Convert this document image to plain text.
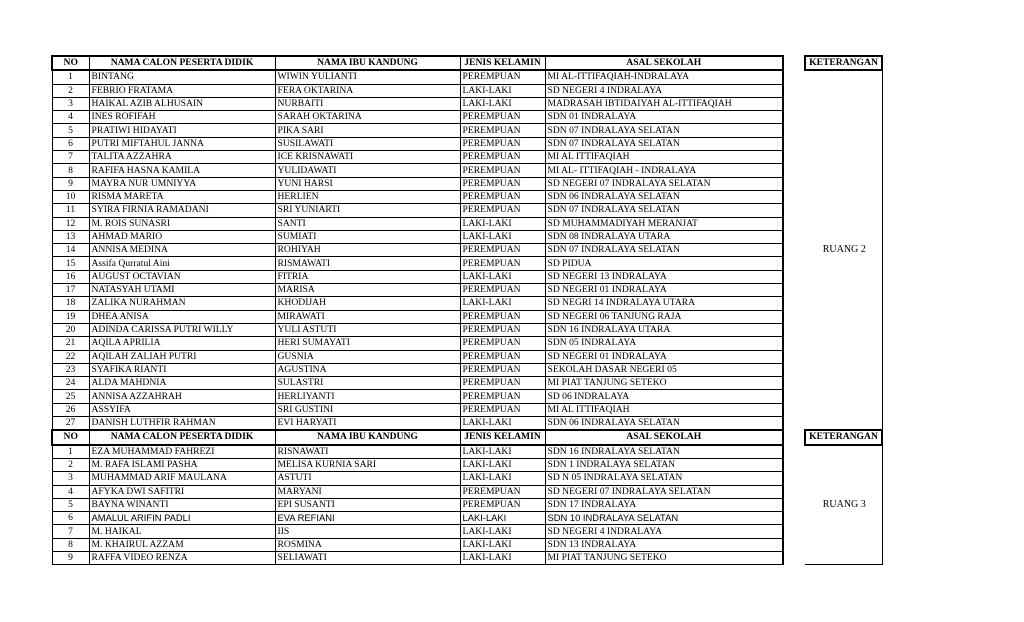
NO	NAMA CALON PESERTA DIDIK	NAMA IBU KANDUNG	JENIS KELAMIN	ASAL SEKOLAH		KETERANGAN
1	BINTANG	WIWIN YULIANTI	PEREMPUAN	MI AL-ITTIFAQIAH-INDRALAYA		
2	FEBRIO FRATAMA	FERA OKTARINA	LAKI-LAKI	SD NEGERI 4 INDRALAYA		
3	HAIKAL AZIB ALHUSAIN	NURBAITI	LAKI-LAKI	MADRASAH IBTIDAIYAH AL-ITTIFAQIAH		
4	INES ROFIFAH	SARAH OKTARINA	PEREMPUAN	SDN 01 INDRALAYA		
5	PRATIWI HIDAYATI	PIKA SARI	PEREMPUAN	SDN 07 INDRALAYA SELATAN		
6	PUTRI MIFTAHUL JANNA	SUSILAWATI	PEREMPUAN	SDN 07 INDRALAYA SELATAN		
7	TALITA AZZAHRA	ICE KRISNAWATI	PEREMPUAN	MI AL ITTIFAQIAH		
8	RAFIFA HASNA KAMILA	YULIDAWATI	PEREMPUAN	MI AL- ITTIFAQIAH - INDRALAYA		
9	MAYRA NUR UMNIYYA	YUNI HARSI	PEREMPUAN	SD NEGERI 07 INDRALAYA SELATAN		
10	RISMA MARETA	HERLIEN	PEREMPUAN	SDN 06 INDRALAYA SELATAN		
11	SYIRA FIRNIA RAMADANI	SRI YUNIARTI	PEREMPUAN	SDN 07 INDRALAYA SELATAN		
12	M. ROIS SUNASRI	SANTI	LAKI-LAKI	SD MUHAMMADIYAH MERANJAT		
13	AHMAD MARIO	SUMIATI	LAKI-LAKI	SDN 08 INDRALAYA UTARA		
14	ANNISA MEDINA	ROHIYAH	PEREMPUAN	SDN 07 INDRALAYA SELATAN		RUANG 2
15	Assifa Qurratul Aini	RISMAWATI	PEREMPUAN	SD PIDUA		
16	AUGUST OCTAVIAN	FITRIA	LAKI-LAKI	SD NEGERI 13 INDRALAYA		
17	NATASYAH UTAMI	MARISA	PEREMPUAN	SD NEGERI 01 INDRALAYA		
18	ZALIKA NURAHMAN	KHODIJAH	LAKI-LAKI	SD NEGRI 14 INDRALAYA UTARA		
19	DHEA ANISA	MIRAWATI	PEREMPUAN	SD NEGERI 06 TANJUNG RAJA		
20	ADINDA CARISSA PUTRI WILLY	YULI ASTUTI	PEREMPUAN	SDN 16 INDRALAYA UTARA		
21	AQILA APRILIA	HERI SUMAYATI	PEREMPUAN	SDN 05 INDRALAYA		
22	AQILAH ZALIAH PUTRI	GUSNIA	PEREMPUAN	SD NEGERI 01 INDRALAYA		
23	SYAFIKA RIANTI	AGUSTINA	PEREMPUAN	SEKOLAH DASAR NEGERI 05		
24	ALDA MAHDNIA	SULASTRI	PEREMPUAN	MI PIAT TANJUNG SETEKO		
25	ANNISA AZZAHRAH	HERLIYANTI	PEREMPUAN	SD 06 INDRALAYA		
26	ASSYIFA	SRI GUSTINI	PEREMPUAN	MI AL ITTIFAQIAH		
27	DANISH LUTHFIR RAHMAN	EVI HARYATI	LAKI-LAKI	SDN 06 INDRALAYA SELATAN		
NO	NAMA CALON PESERTA DIDIK	NAMA IBU KANDUNG	JENIS KELAMIN	ASAL SEKOLAH		KETERANGAN
1	EZA MUHAMMAD FAHREZI	RISNAWATI	LAKI-LAKI	SDN 16 INDRALAYA SELATAN		
2	M. RAFA ISLAMI PASHA	MELISA KURNIA SARI	LAKI-LAKI	SDN 1 INDRALAYA SELATAN		
3	MUHAMMAD ARIF MAULANA	ASTUTI	LAKI-LAKI	SD N 05 INDRALAYA SELATAN		
4	AFYKA DWI SAFITRI	MARYANI	PEREMPUAN	SD NEGERI 07 INDRALAYA SELATAN		
5	BAYNA WINANTI	EPI SUSANTI	PEREMPUAN	SDN 17 INDRALAYA		RUANG 3
6	AMALUL ARIFIN PADLI	EVA REFIANI	LAKI-LAKI	SDN 10 INDRALAYA SELATAN		
7	M. HAIKAL	IIS	LAKI-LAKI	SD NEGERI 4 INDRALAYA		
8	M. KHAIRUL AZZAM	ROSMINA	LAKI-LAKI	SDN 13 INDRALAYA		
9	RAFFA VIDEO RENZA	SELIAWATI	LAKI-LAKI	MI PIAT TANJUNG SETEKO		
